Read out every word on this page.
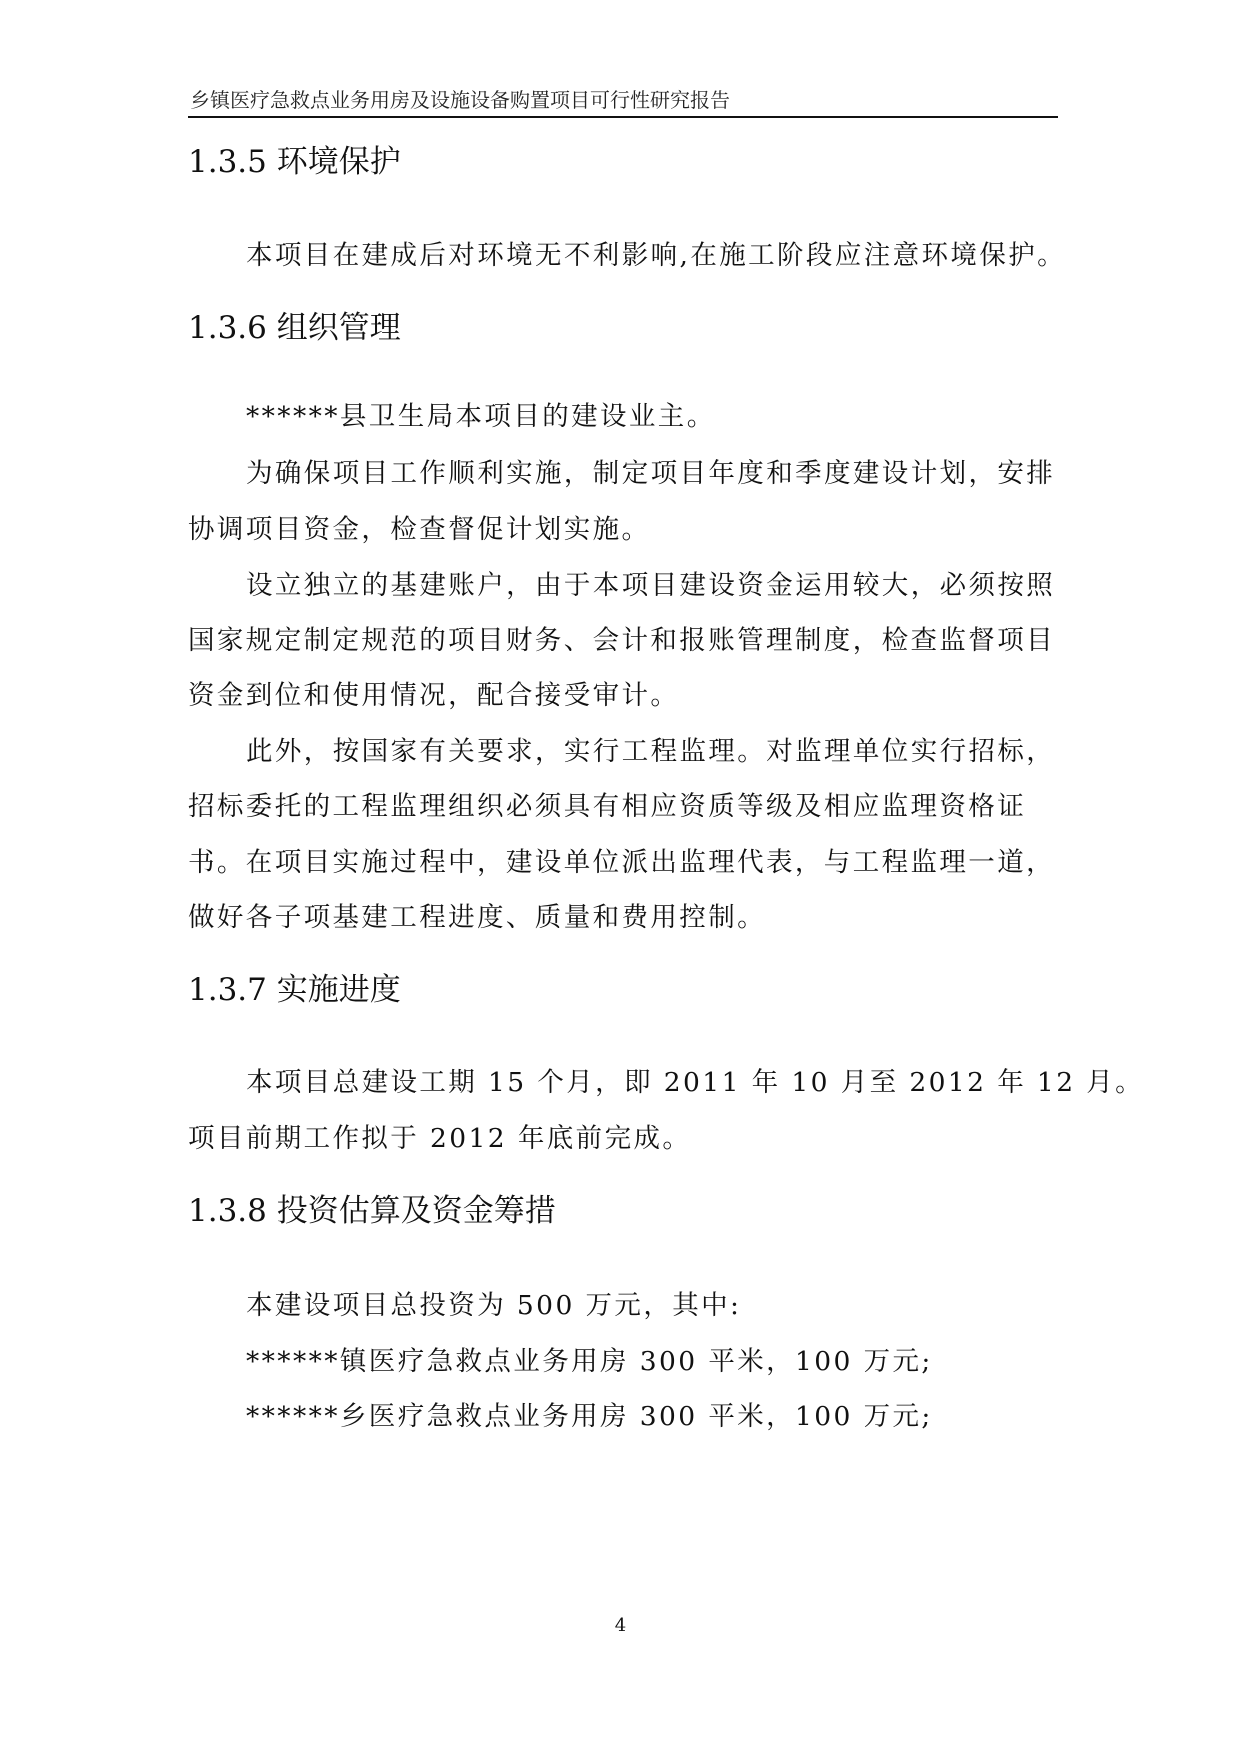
乡镇医疗急救点业务用房及设施设备购置项目可行性研究报告
1.3.5 环境保护
本项目在建成后对环境无不利影响,在施工阶段应注意环境保护。
1.3.6 组织管理
******县卫生局本项目的建设业主。
为确保项目工作顺利实施，制定项目年度和季度建设计划，安排
协调项目资金，检查督促计划实施。
设立独立的基建账户，由于本项目建设资金运用较大，必须按照
国家规定制定规范的项目财务、会计和报账管理制度，检查监督项目
资金到位和使用情况，配合接受审计。
此外，按国家有关要求，实行工程监理。对监理单位实行招标，
招标委托的工程监理组织必须具有相应资质等级及相应监理资格证
书。在项目实施过程中，建设单位派出监理代表，与工程监理一道，
做好各子项基建工程进度、质量和费用控制。
1.3.7 实施进度
本项目总建设工期 15 个月，即 2011 年 10 月至 2012 年 12 月。
项目前期工作拟于 2012 年底前完成。
1.3.8 投资估算及资金筹措
本建设项目总投资为 500 万元，其中:
******镇医疗急救点业务用房 300 平米，100 万元;
******乡医疗急救点业务用房 300 平米，100 万元;
4
